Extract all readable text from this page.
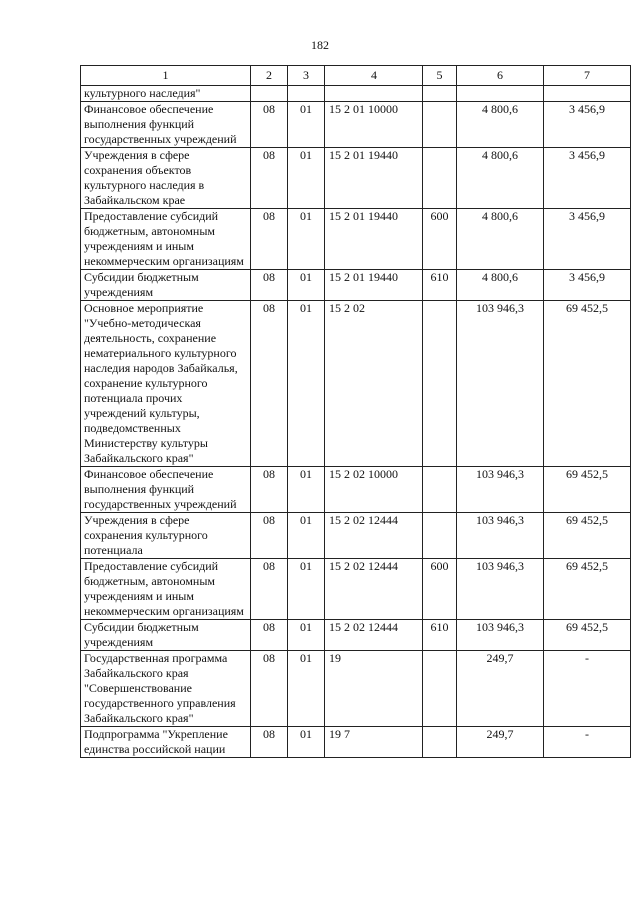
182
1	2	3	4	5	6	7
культурного наследия"						
Финансовое обеспечение выполнения функций государственных учреждений	08	01	15 2 01 10000		4 800,6	3 456,9
Учреждения в сфере сохранения объектов культурного наследия в Забайкальском крае	08	01	15 2 01 19440		4 800,6	3 456,9
Предоставление субсидий бюджетным, автономным учреждениям и иным некоммерческим организациям	08	01	15 2 01 19440	600	4 800,6	3 456,9
Субсидии бюджетным учреждениям	08	01	15 2 01 19440	610	4 800,6	3 456,9
Основное мероприятие "Учебно-методическая деятельность, сохранение нематериального культурного наследия народов Забайкалья, сохранение культурного потенциала прочих учреждений культуры, подведомственных Министерству культуры Забайкальского края"	08	01	15 2 02		103 946,3	69 452,5
Финансовое обеспечение выполнения функций государственных учреждений	08	01	15 2 02 10000		103 946,3	69 452,5
Учреждения в сфере сохранения культурного потенциала	08	01	15 2 02 12444		103 946,3	69 452,5
Предоставление субсидий бюджетным, автономным учреждениям и иным некоммерческим организациям	08	01	15 2 02 12444	600	103 946,3	69 452,5
Субсидии бюджетным учреждениям	08	01	15 2 02 12444	610	103 946,3	69 452,5
Государственная программа Забайкальского края "Совершенствование государственного управления Забайкальского края"	08	01	19		249,7	-
Подпрограмма "Укрепление единства российской нации	08	01	19 7		249,7	-
